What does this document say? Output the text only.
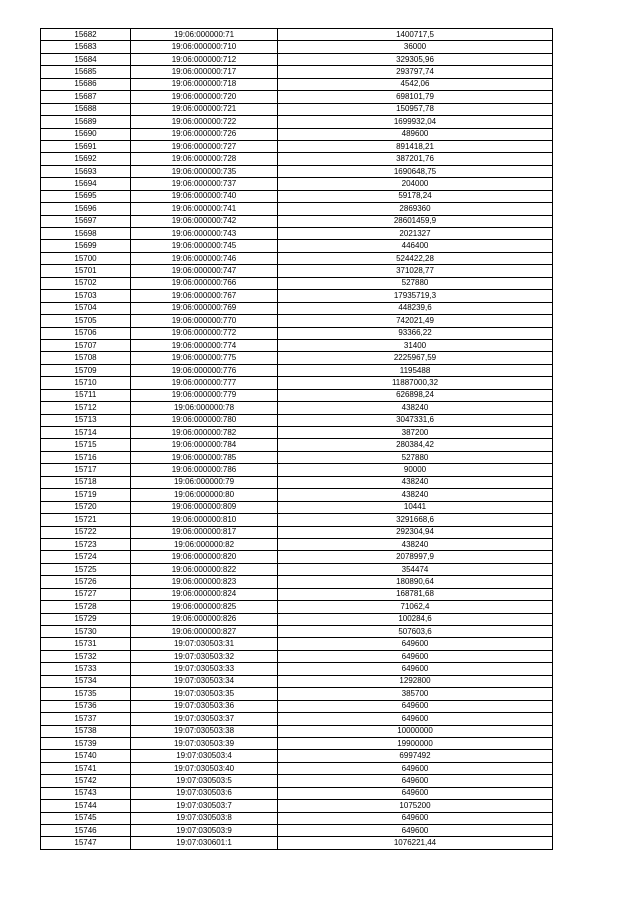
15682	19:06:000000:71	1400717,5
15683	19:06:000000:710	36000
15684	19:06:000000:712	329305,96
15685	19:06:000000:717	293797,74
15686	19:06:000000:718	4542,06
15687	19:06:000000:720	698101,79
15688	19:06:000000:721	150957,78
15689	19:06:000000:722	1699932,04
15690	19:06:000000:726	489600
15691	19:06:000000:727	891418,21
15692	19:06:000000:728	387201,76
15693	19:06:000000:735	1690648,75
15694	19:06:000000:737	204000
15695	19:06:000000:740	59178,24
15696	19:06:000000:741	2869360
15697	19:06:000000:742	28601459,9
15698	19:06:000000:743	2021327
15699	19:06:000000:745	446400
15700	19:06:000000:746	524422,28
15701	19:06:000000:747	371028,77
15702	19:06:000000:766	527880
15703	19:06:000000:767	17935719,3
15704	19:06:000000:769	448239,6
15705	19:06:000000:770	742021,49
15706	19:06:000000:772	93366,22
15707	19:06:000000:774	31400
15708	19:06:000000:775	2225967,59
15709	19:06:000000:776	1195488
15710	19:06:000000:777	11887000,32
15711	19:06:000000:779	626898,24
15712	19:06:000000:78	438240
15713	19:06:000000:780	3047331,6
15714	19:06:000000:782	387200
15715	19:06:000000:784	280384,42
15716	19:06:000000:785	527880
15717	19:06:000000:786	90000
15718	19:06:000000:79	438240
15719	19:06:000000:80	438240
15720	19:06:000000:809	10441
15721	19:06:000000:810	3291668,6
15722	19:06:000000:817	292304,94
15723	19:06:000000:82	438240
15724	19:06:000000:820	2078997,9
15725	19:06:000000:822	354474
15726	19:06:000000:823	180890,64
15727	19:06:000000:824	168781,68
15728	19:06:000000:825	71062,4
15729	19:06:000000:826	100284,6
15730	19:06:000000:827	507603,6
15731	19:07:030503:31	649600
15732	19:07:030503:32	649600
15733	19:07:030503:33	649600
15734	19:07:030503:34	1292800
15735	19:07:030503:35	385700
15736	19:07:030503:36	649600
15737	19:07:030503:37	649600
15738	19:07:030503:38	10000000
15739	19:07:030503:39	19900000
15740	19:07:030503:4	6997492
15741	19:07:030503:40	649600
15742	19:07:030503:5	649600
15743	19:07:030503:6	649600
15744	19:07:030503:7	1075200
15745	19:07:030503:8	649600
15746	19:07:030503:9	649600
15747	19:07:030601:1	1076221,44
